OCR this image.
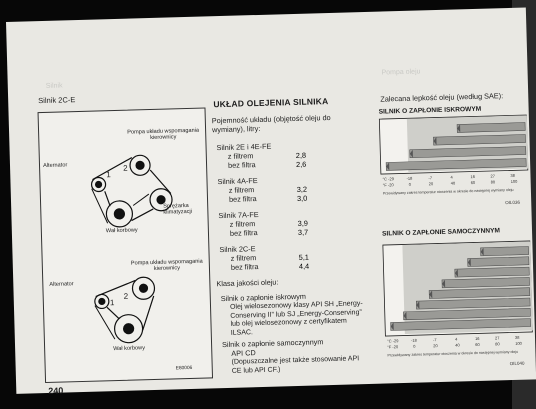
Silnik
Pompa oleju
Silnik 2C-E
Pompa układu wspomagania kierownicy
Alternator
Sprężarka klimatyzacji
Wał korbowy
1
2
Pompa układu wspomagania kierownicy
Alternator
Wał korbowy
1
2
E80006
240
UKŁAD OLEJENIA SILNIKA
Pojemność układu (objętość oleju do wymiany), litry:
Silnik 2E i 4E-FE
z filtrem	2,8
bez filtra	2,6
Silnik 4A-FE
z filtrem	3,2
bez filtra	3,0
Silnik 7A-FE
z filtrem	3,9
bez filtra	3,7
Silnik 2C-E
z filtrem	5,1
bez filtra	4,4
Klasa jakości oleju:
Silnik o zapłonie iskrowym
Olej wielosezonowy klasy API SH „Energy-Conserving II” lub SJ „Energy-Conserving” lub olej wielosezonowy z certyfikatem ILSAC.
Silnik o zapłonie samoczynnym
API CD
(Dopuszczalne jest także stosowanie API CE lub API CF.)
Zalecana lepkość oleju (według SAE):
SILNIK O ZAPŁONIE ISKROWYM
°C -29	-18	-7	4	16	27	38
°F -20	0	20	40	60	80	100
Przewidywany zakres temperatur otoczenia w okresie do następnej wymiany oleju
OIL036
SILNIK O ZAPŁONIE SAMOCZYNNYM
°C -29	-18	-7	4	16	27	38
°F -20	0	20	40	60	80	100
Przewidywany zakres temperatur otoczenia w okresie do następnej wymiany oleju
OIL040
